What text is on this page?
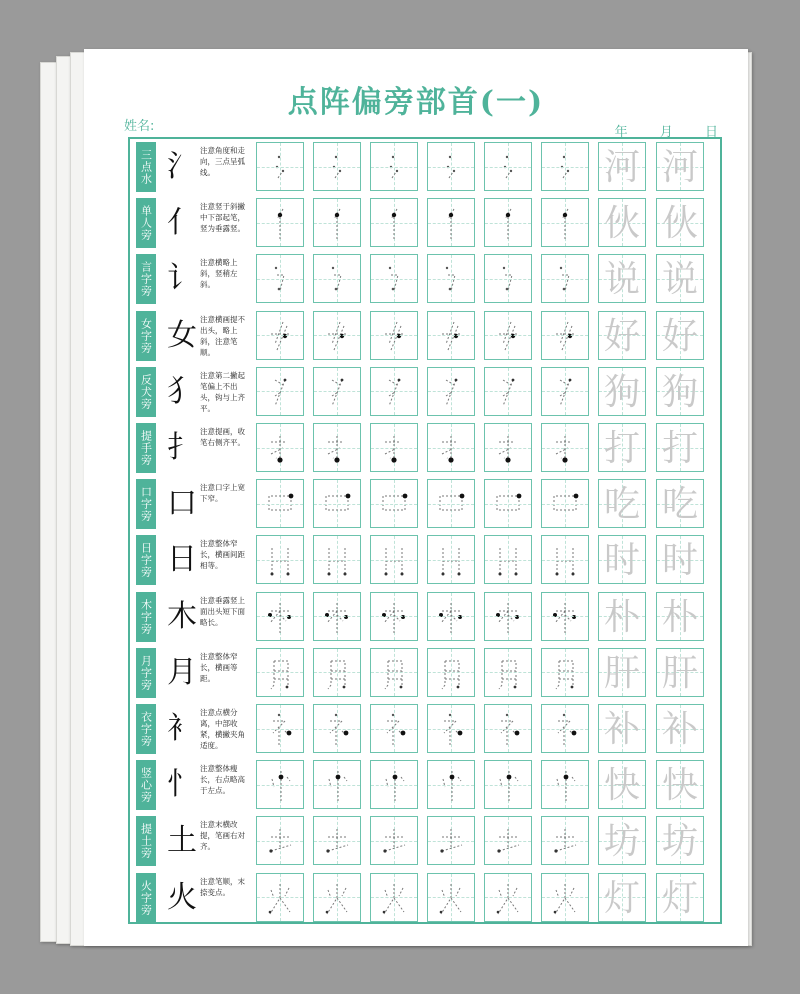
点阵偏旁部首(一)
姓名:	年 月 日
三点水 氵 注意角度和走向，三点呈弧线。	河 河
单人旁 亻 注意竖于斜撇中下部起笔，竖为垂露竖。	伙 伙
言字旁 讠 注意横略上斜，竖稍左斜。	说 说
女字旁 女 注意横画提不出头，略上斜，注意笔顺。	好 好
反犬旁 犭 注意第二撇起笔偏上不出头，钩与上齐平。	狗 狗
提手旁 扌 注意提画，收笔右侧齐平。	打 打
口字旁 口 注意口字上宽下窄。	吃 吃
日字旁 日 注意整体窄长，横画间距相等。	时 时
木字旁 木 注意垂露竖上面出头短下面略长。	朴 朴
月字旁 月 注意整体窄长，横画等距。	肝 肝
衣字旁 衤 注意点横分离，中部收紧，横撇夹角适度。	补 补
竖心旁 忄 注意整体瘦长，右点略高于左点。	快 快
提土旁 土 注意末横改提，笔画右对齐。	坊 坊
火字旁 火 注意笔顺，末捺变点。	灯 灯
